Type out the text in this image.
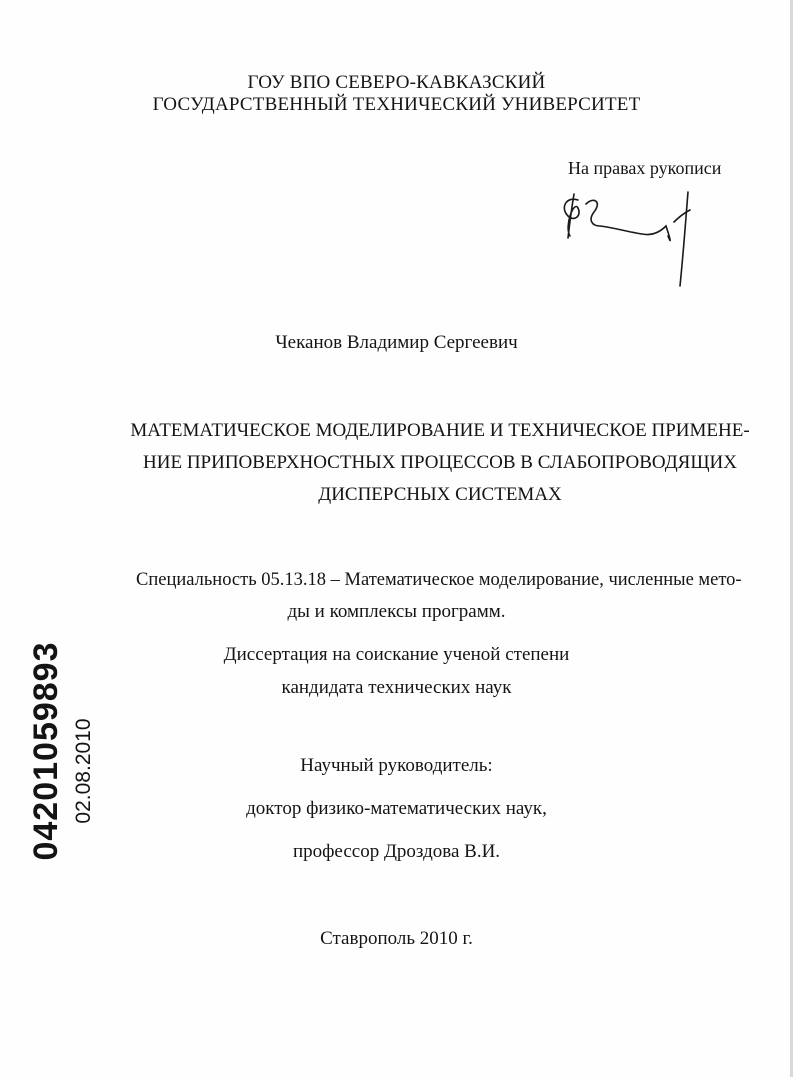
ГОУ ВПО СЕВЕРО-КАВКАЗСКИЙ
ГОСУДАРСТВЕННЫЙ ТЕХНИЧЕСКИЙ УНИВЕРСИТЕТ
На правах рукописи
Чеканов Владимир Сергеевич
МАТЕМАТИЧЕСКОЕ МОДЕЛИРОВАНИЕ И ТЕХНИЧЕСКОЕ ПРИМЕНЕ-
НИЕ ПРИПОВЕРХНОСТНЫХ ПРОЦЕССОВ В СЛАБОПРОВОДЯЩИХ
ДИСПЕРСНЫХ СИСТЕМАХ
Специальность 05.13.18 – Математическое моделирование, численные мето-
ды и комплексы программ.
Диссертация на соискание ученой степени
кандидата технических наук
Научный руководитель:
доктор физико-математических наук,
профессор Дроздова В.И.
Ставрополь 2010 г.
04201059893 02.08.2010
